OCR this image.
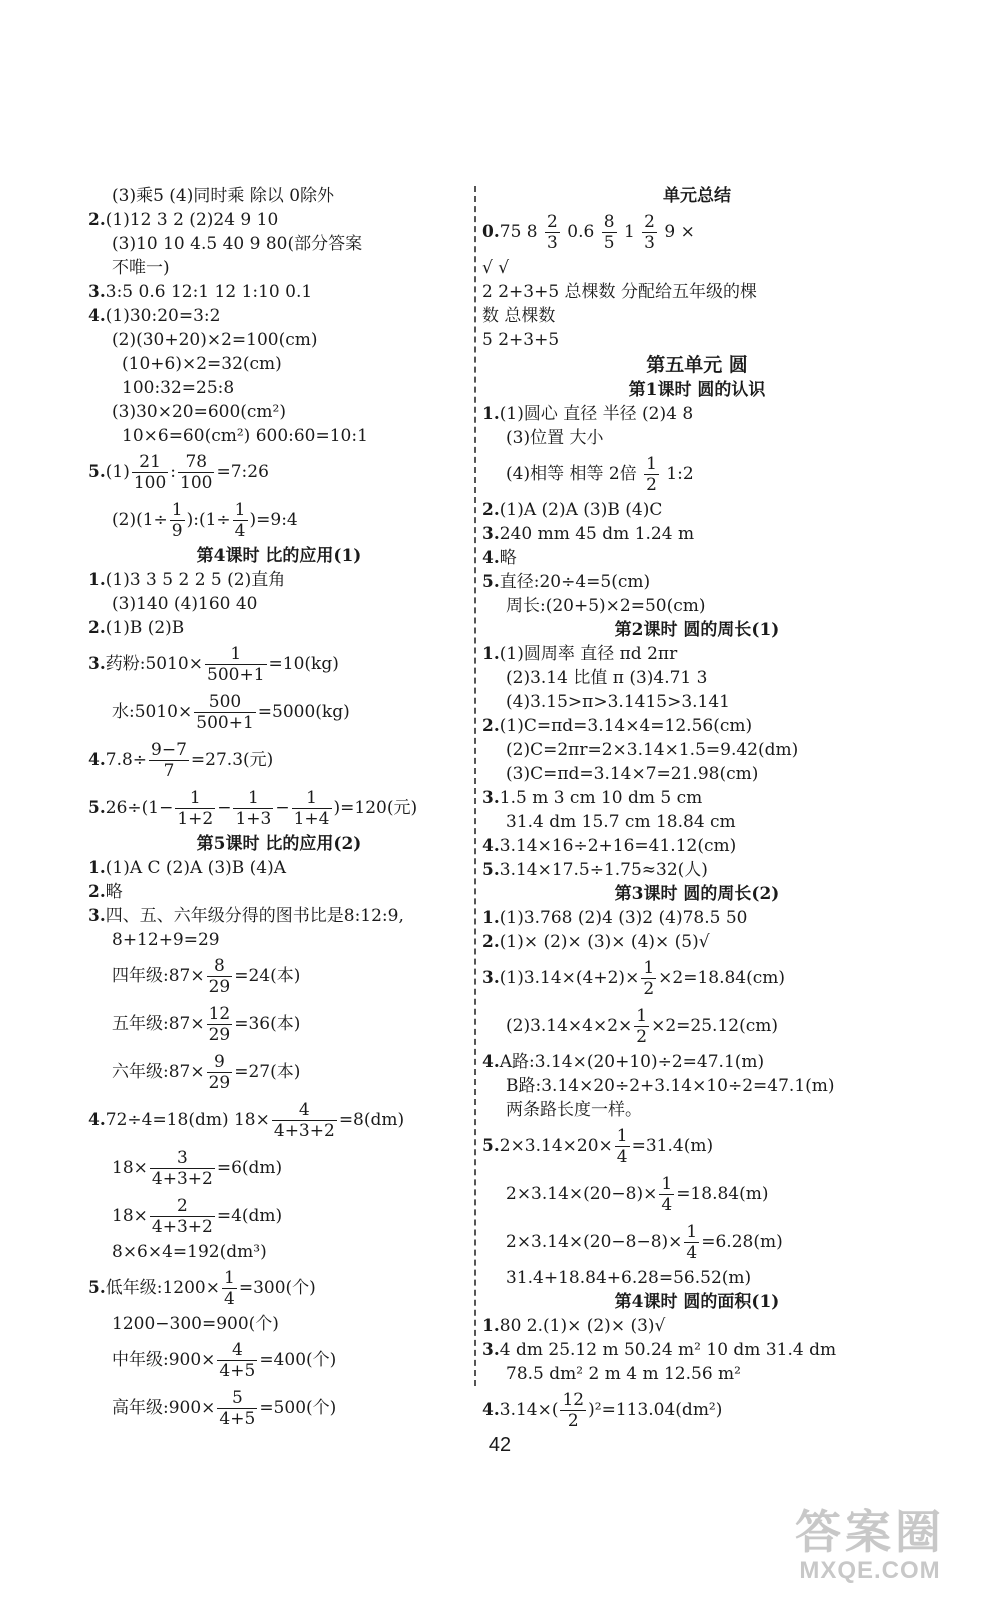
(3)乘5 (4)同时乘 除以 0除外
2.(1)12 3 2 (2)24 9 10
(3)10 10 4.5 40 9 80(部分答案
不唯一)
3.3:5 0.6 12:1 12 1:10 0.1
4.(1)30:20=3:2
(2)(30+20)×2=100(cm)
(10+6)×2=32(cm)
100:32=25:8
(3)30×20=600(cm²)
10×6=60(cm²) 600:60=10:1
$5.(1) \frac{21}{100}$ : $\frac{78}{100}$ =7:26
$(2)(1\div \frac{1}{9}$ ):(1÷ $\frac{1}{4}$ )=9:4
第4课时 比的应用(1)
1.(1)3 3 5 2 2 5 (2)直角
(3)140 (4)160 40
2.(1)B (2)B
3.药粉:5010× $\frac{1}{500+1} =10(kg)$
水:5010× $\frac{500}{500+1} =5000(kg)$
$4.7.8\div \frac{9-7}{7} =27.3$(元)
$5.26\div(1- \frac{1}{1+2} - \frac{1}{1+3} - \frac{1}{1+4} )=120$(元)
第5课时 比的应用(2)
1.(1)A C (2)A (3)B (4)A
2.略
3.四、五、六年级分得的图书比是8:12:9,
8+12+9=29
四年级:87× $\frac{8}{29} =24$(本)
五年级:87× $\frac{12}{29} =36$(本)
六年级:87× $\frac{9}{29} =27$(本)
4.72÷4=18(dm) $18\times \frac{4}{4+3+2} =8(dm)$
$18\times \frac{3}{4+3+2} =6(dm)$
$18\times \frac{2}{4+3+2} =4(dm)$
8×6×4=192(dm³)
5.低年级:1200× $\frac{1}{4} =300$(个)
1200−300=900(个)
中年级:900× $\frac{4}{4+5} =400$(个)
高年级:900× $\frac{5}{4+5} =500$(个)
单元总结
0.75 $8 \frac{2}{3} 0.6 \frac{8}{5} 1 \frac{2}{3} 9$ ×
√ √
2 2+3+5 总棵数 分配给五年级的棵
数 总棵数
5 2+3+5
第五单元 圆
第1课时 圆的认识
1.(1)圆心 直径 半径 (2)4 8
(3)位置 大小
(4)相等 相等 2倍 $\frac{1}{2}$ 1:2
2.(1)A (2)A (3)B (4)C
3.240 mm 45 dm 1.24 m
4.略
5.直径:20÷4=5(cm)
周长:(20+5)×2=50(cm)
第2课时 圆的周长(1)
1.(1)圆周率 直径 πd 2πr
(2)3.14 比值 π (3)4.71 3
(4)3.15>π>3.1415>3.141
2.(1)C=πd=3.14×4=12.56(cm)
(2)C=2πr=2×3.14×1.5=9.42(dm)
(3)C=πd=3.14×7=21.98(cm)
3.1.5 m 3 cm 10 dm 5 cm
31.4 dm 15.7 cm 18.84 cm
4.3.14×16÷2+16=41.12(cm)
5.3.14×17.5÷1.75≈32(人)
第3课时 圆的周长(2)
1.(1)3.768 (2)4 (3)2 (4)78.5 50
2.(1)× (2)× (3)× (4)× (5)√
$3.(1)3.14\times(4+2)\times \frac{1}{2} \times 2=18.84(cm)$
$(2)3.14\times 4\times 2\times \frac{1}{2} \times 2=25.12(cm)$
4.A路:3.14×(20+10)÷2=47.1(m)
B路:3.14×20÷2+3.14×10÷2=47.1(m)
两条路长度一样。
$5.2\times 3.14\times 20\times \frac{1}{4} =31.4(m)$
$2\times 3.14\times(20-8)\times \frac{1}{4} =18.84(m)$
$2\times 3.14\times(20-8-8)\times \frac{1}{4} =6.28(m)$
31.4+18.84+6.28=56.52(m)
第4课时 圆的面积(1)
1.80 2.(1)× (2)× (3)√
3.4 dm 25.12 m 50.24 m² 10 dm 31.4 dm
78.5 dm² 2 m 4 m 12.56 m²
$4.3.14\times( \frac{12}{2} )^2=113.04(dm^2)$
42
答案圈
MXQE.COM
